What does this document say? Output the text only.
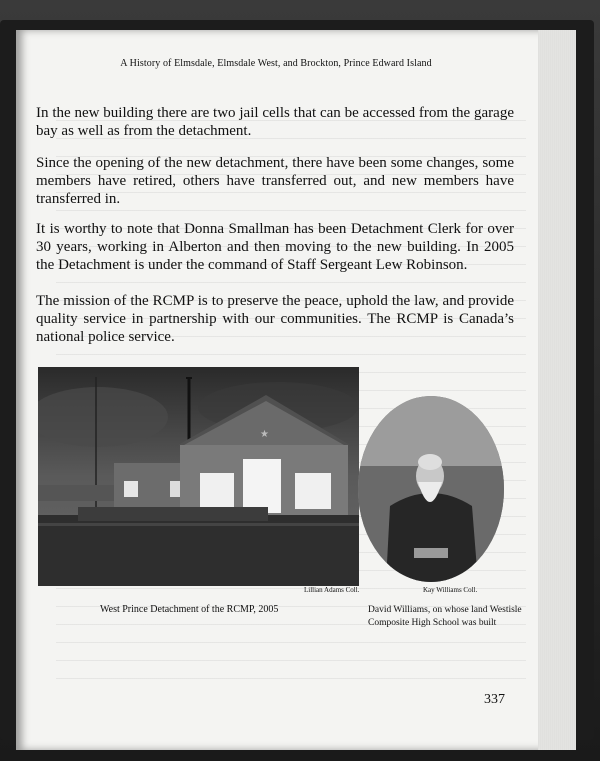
A History of Elmsdale, Elmsdale West, and Brockton, Prince Edward Island

In the new building there are two jail cells that can be accessed from the garage bay as well as from the detachment.

Since the opening of the new detachment, there have been some changes, some members have retired, others have transferred out, and new members have transferred in.

It is worthy to note that Donna Smallman has been Detachment Clerk for over 30 years, working in Alberton and then moving to the new building. In 2005 the Detachment is under the command of Staff Sergeant Lew Robinson.

The mission of the RCMP is to preserve the peace, uphold the law, and provide quality service in partnership with our communities. The RCMP is Canada’s national police service.

★
Lillian Adams Coll.	Kay Williams Coll.
West Prince Detachment of the RCMP, 2005	David Williams, on whose land Westisle Composite High School was built
337
